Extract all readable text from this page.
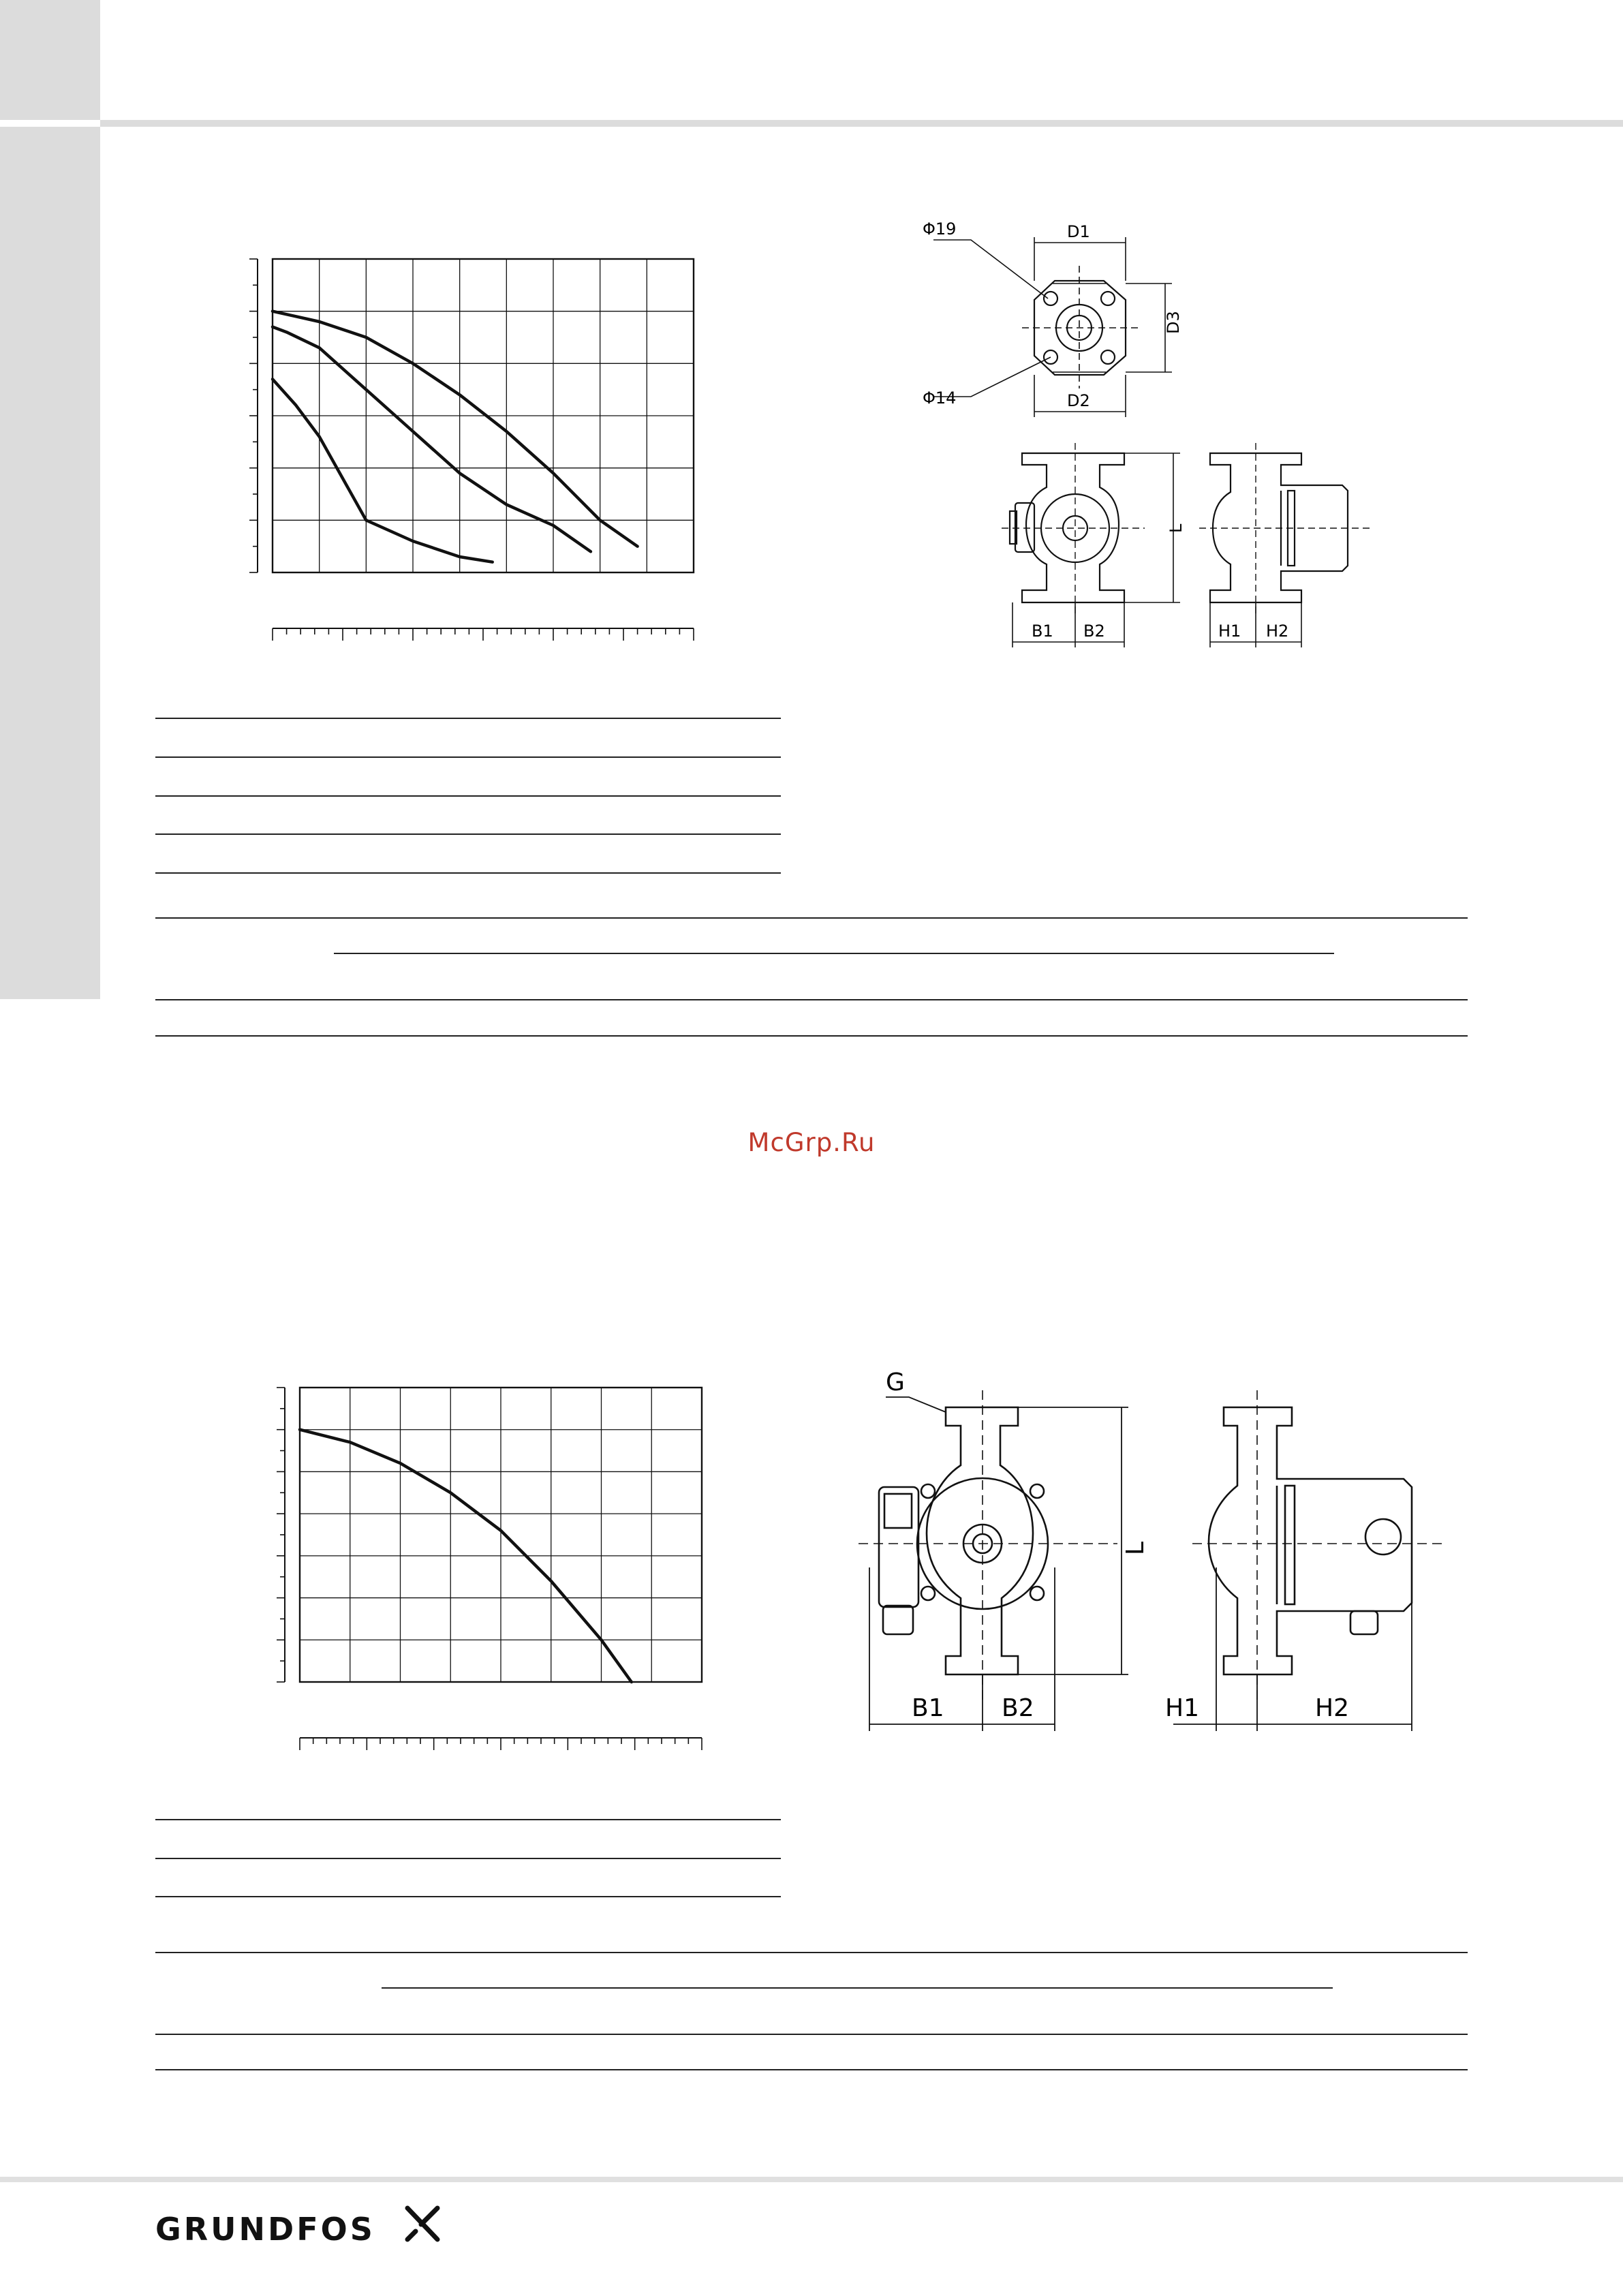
Φ19
Φ14
D1
D2
D3
L
B1 B2	H1 H2
McGrp.Ru
G
L
B1 B2	H1	H2
GRUNDFOS
